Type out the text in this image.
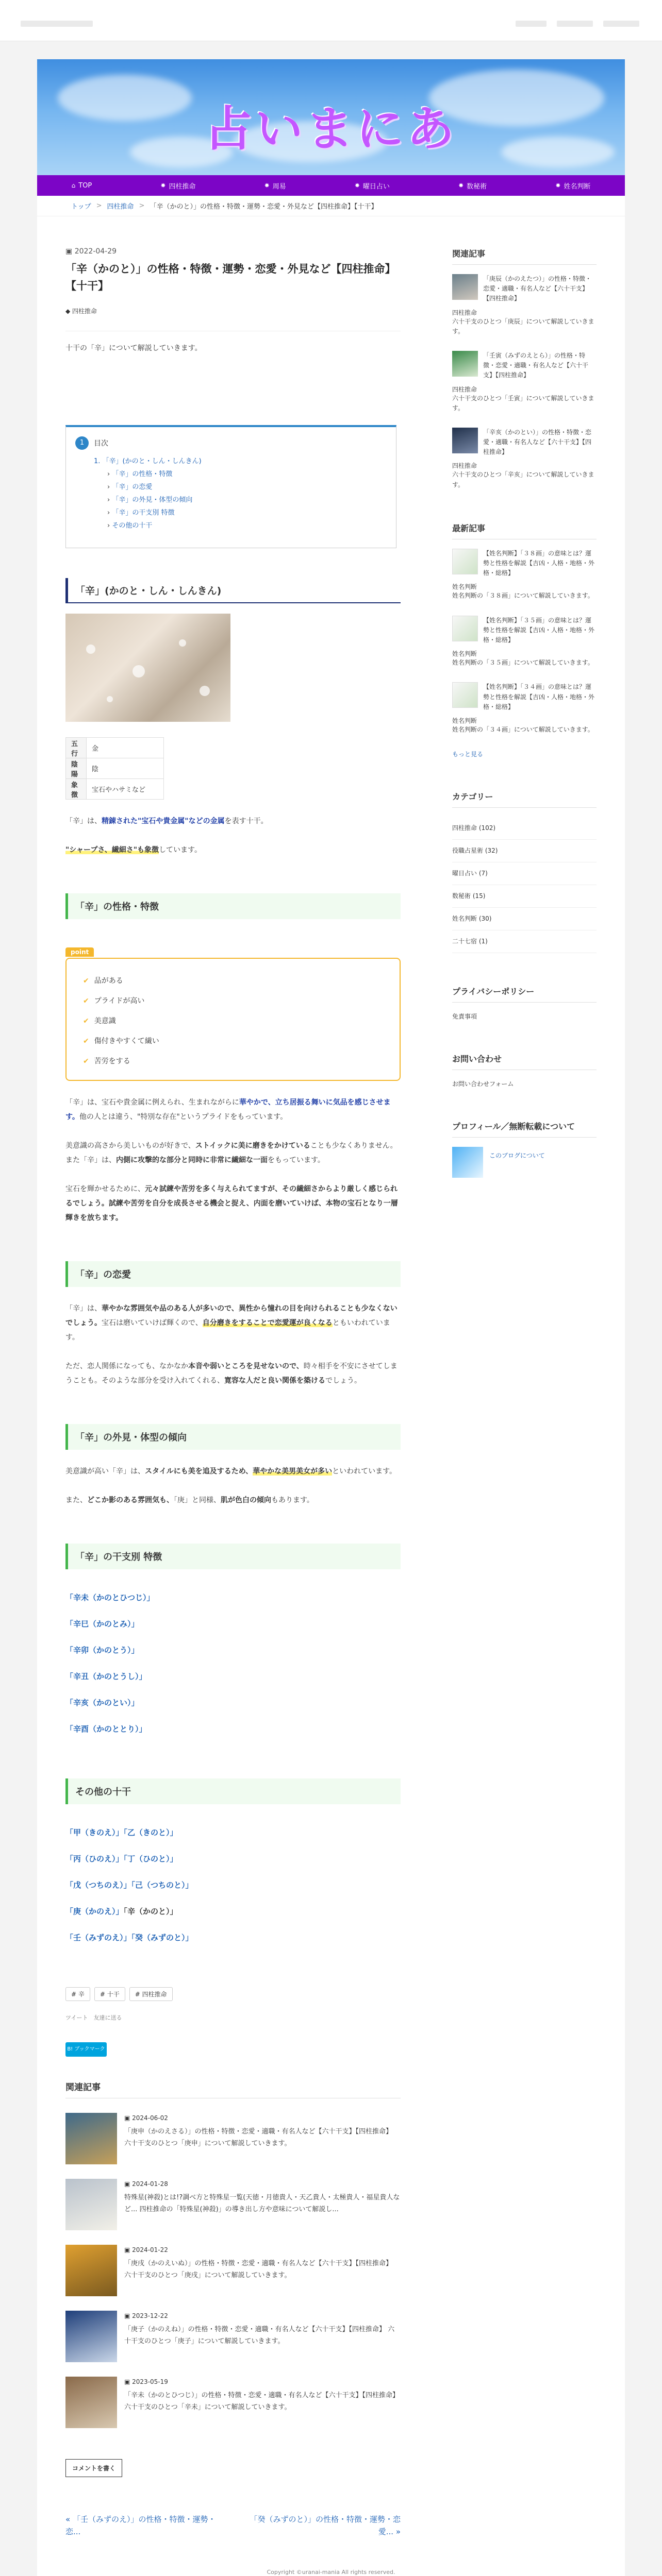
占いまにあ
⌂ TOP	✸ 四柱推命	✸ 周易	✸ 曜日占い	✸ 数秘術	✸ 姓名判断
トップ > 四柱推命 > 「辛（かのと）」の性格・特徴・運勢・恋愛・外見など【四柱推命】【十干】
▣ 2022-04-29
「辛（かのと）」の性格・特徴・運勢・恋愛・外見など【四柱推命】【十干】
◆ 四柱推命
十干の「辛」について解説していきます。
1	目次
1. 「辛」(かのと・しん・しんきん)
› 「辛」の性格・特徴
› 「辛」の恋愛
› 「辛」の外見・体型の傾向
› 「辛」の干支別 特徴
› その他の十干
「辛」(かのと・しん・しんきん)
五行	金
陰陽	陰
象徴	宝石やハサミなど

「辛」は、精錬された"宝石や貴金属"などの金属を表す十干。

"シャープさ、繊細さ"も象徴しています。

「辛」の性格・特徴
point
✔ 品がある
✔ プライドが高い
✔ 美意識
✔ 傷付きやすくて繊い
✔ 苦労をする

「辛」は、宝石や貴金属に例えられ、生まれながらに華やかで、立ち居振る舞いに気品を感じさせます。他の人とは違う、"特別な存在"というプライドをもっています。

美意識の高さから美しいものが好きで、ストイックに美に磨きをかけていることも少なくありません。また「辛」は、内側に攻撃的な部分と同時に非常に繊細な一面をもっています。

宝石を輝かせるために、元々試練や苦労を多く与えられてますが、その繊細さからより厳しく感じられるでしょう。試練や苦労を自分を成長させる機会と捉え、内面を磨いていけば、本物の宝石となり一層輝きを放ちます。

「辛」の恋愛

「辛」は、華やかな雰囲気や品のある人が多いので、異性から憧れの目を向けられることも少なくないでしょう。宝石は磨いていけば輝くので、自分磨きをすることで恋愛運が良くなるともいわれています。

ただ、恋人関係になっても、なかなか本音や弱いところを見せないので、時々相手を不安にさせてしまうことも。そのような部分を受け入れてくれる、寛容な人だと良い関係を築けるでしょう。

「辛」の外見・体型の傾向

美意識が高い「辛」は、スタイルにも美を追及するため、華やかな美男美女が多いといわれています。

また、どこか影のある雰囲気も、「庚」と同様、肌が色白の傾向もあります。

「辛」の干支別 特徴
「辛未（かのとひつじ）」
「辛巳（かのとみ）」
「辛卯（かのとう）」
「辛丑（かのとうし）」
「辛亥（かのとい）」
「辛酉（かのととり）」
その他の十干
「甲（きのえ）」「乙（きのと）」
「丙（ひのえ）」「丁（ひのと）」
「戊（つちのえ）」「己（つちのと）」
「庚（かのえ）」「辛（かのと）」
「壬（みずのえ）」「癸（みずのと）」
# 辛	# 十干	# 四柱推命
ツイート　友達に送る
B! ブックマーク
関連記事
▣ 2024-06-02
「庚申（かのえさる）」の性格・特徴・恋愛・適職・有名人など【六十干支】【四柱推命】 六十干支のひとつ「庚申」について解説していきます。
▣ 2024-01-28
特殊星(神殺)とは!?調べ方と特殊星一覧(天徳・月徳貴人・天乙貴人・太極貴人・福星貴人など... 四柱推命の「特殊星(神殺)」の導き出し方や意味について解説し...
▣ 2024-01-22
「庚戌（かのえいぬ）」の性格・特徴・恋愛・適職・有名人など【六十干支】【四柱推命】 六十干支のひとつ「庚戌」について解説していきます。
▣ 2023-12-22
「庚子（かのえね）」の性格・特徴・恋愛・適職・有名人など【六十干支】【四柱推命】 六十干支のひとつ「庚子」について解説していきます。
▣ 2023-05-19
「辛未（かのとひつじ）」の性格・特徴・恋愛・適職・有名人など【六十干支】【四柱推命】 六十干支のひとつ「辛未」について解説していきます。
コメントを書く
« 「壬（みずのえ）」の性格・特徴・運勢・恋...
「癸（みずのと）」の性格・特徴・運勢・恋愛... »
関連記事
「庚辰（かのえたつ）」の性格・特徴・恋愛・適職・有名人など【六十干支】【四柱推命】
四柱推命
六十干支のひとつ「庚辰」について解説していきます。
「壬寅（みずのえとら）」の性格・特徴・恋愛・適職・有名人など【六十干支】【四柱推命】
四柱推命
六十干支のひとつ「壬寅」について解説していきます。
「辛亥（かのとい）」の性格・特徴・恋愛・適職・有名人など【六十干支】【四柱推命】
四柱推命
六十干支のひとつ「辛亥」について解説していきます。
最新記事
【姓名判断】「３８画」の意味とは？運勢と性格を解説【吉凶・人格・地格・外格・総格】
姓名判断
姓名判断の「３８画」について解説していきます。
【姓名判断】「３５画」の意味とは？運勢と性格を解説【吉凶・人格・地格・外格・総格】
姓名判断
姓名判断の「３５画」について解説していきます。
【姓名判断】「３４画」の意味とは？運勢と性格を解説【吉凶・人格・地格・外格・総格】
姓名判断
姓名判断の「３４画」について解説していきます。
もっと見る
カテゴリー
四柱推命 (102)
役職占星術 (32)
曜日占い (7)
数秘術 (15)
姓名判断 (30)
二十七宿 (1)
プライバシーポリシー
免責事項
お問い合わせ
お問い合わせフォーム
プロフィール／無断転載について
このブログについて
Copyright ©uranai-mania All rights reserved.
